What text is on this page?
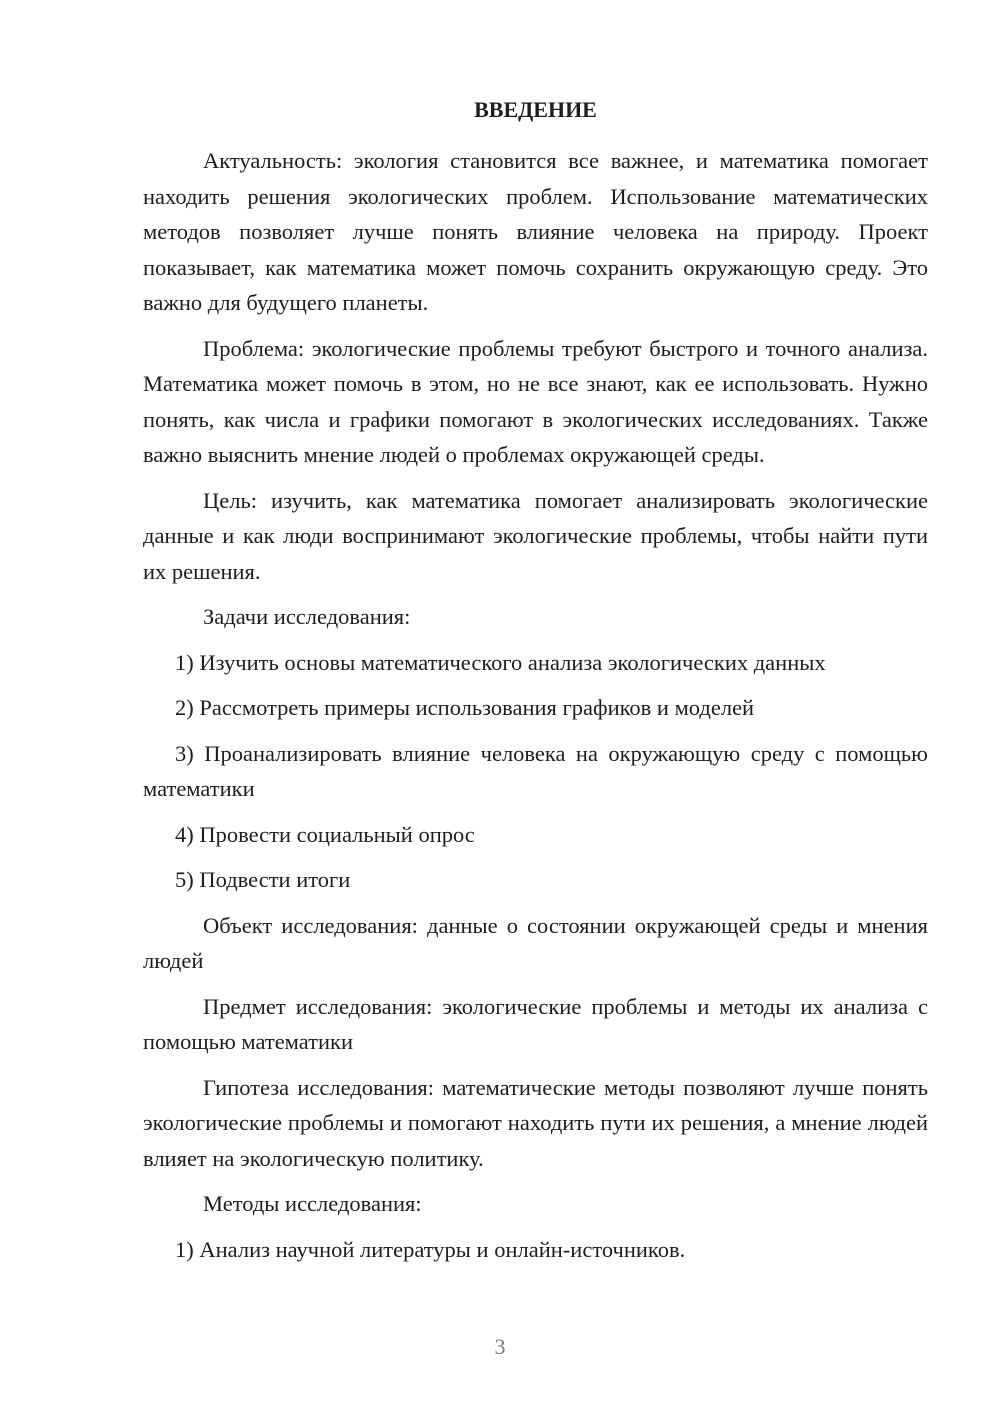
ВВЕДЕНИЕ

Актуальность: экология становится все важнее, и математика помогает находить решения экологических проблем. Использование математических методов позволяет лучше понять влияние человека на природу. Проект показывает, как математика может помочь сохранить окружающую среду. Это важно для будущего планеты.

Проблема: экологические проблемы требуют быстрого и точного анализа. Математика может помочь в этом, но не все знают, как ее использовать. Нужно понять, как числа и графики помогают в экологических исследованиях. Также важно выяснить мнение людей о проблемах окружающей среды.

Цель: изучить, как математика помогает анализировать экологические данные и как люди воспринимают экологические проблемы, чтобы найти пути их решения.

Задачи исследования:

1) Изучить основы математического анализа экологических данных

2) Рассмотреть примеры использования графиков и моделей

3) Проанализировать влияние человека на окружающую среду с помощью математики

4) Провести социальный опрос

5) Подвести итоги

Объект исследования: данные о состоянии окружающей среды и мнения людей

Предмет исследования: экологические проблемы и методы их анализа с помощью математики

Гипотеза исследования: математические методы позволяют лучше понять экологические проблемы и помогают находить пути их решения, а мнение людей влияет на экологическую политику.

Методы исследования:

1) Анализ научной литературы и онлайн-источников.

3
